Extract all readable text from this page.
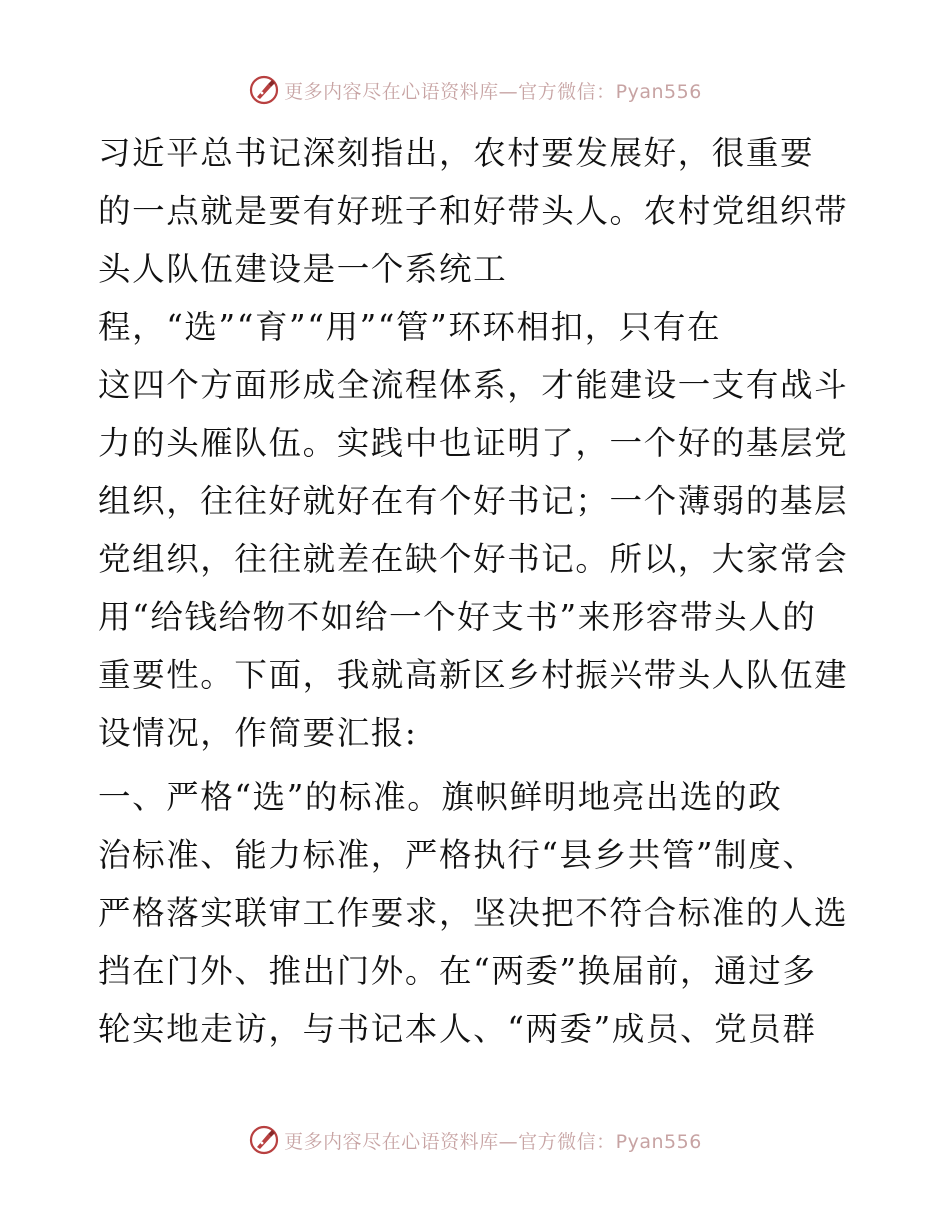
更多内容尽在心语资料库—官方微信：Pyan556

习近平总书记深刻指出，农村要发展好，很重要
的一点就是要有好班子和好带头人。农村党组织带
头人队伍建设是一个系统工
程，“选”“育”“用”“管”环环相扣，只有在
这四个方面形成全流程体系，才能建设一支有战斗
力的头雁队伍。实践中也证明了，一个好的基层党
组织，往往好就好在有个好书记；一个薄弱的基层
党组织，往往就差在缺个好书记。所以，大家常会
用“给钱给物不如给一个好支书”来形容带头人的
重要性。下面，我就高新区乡村振兴带头人队伍建
设情况，作简要汇报:

一、严格“选”的标准。旗帜鲜明地亮出选的政
治标准、能力标准，严格执行“县乡共管”制度、
严格落实联审工作要求，坚决把不符合标准的人选
挡在门外、推出门外。在“两委”换届前，通过多
轮实地走访，与书记本人、“两委”成员、党员群

更多内容尽在心语资料库—官方微信：Pyan556
